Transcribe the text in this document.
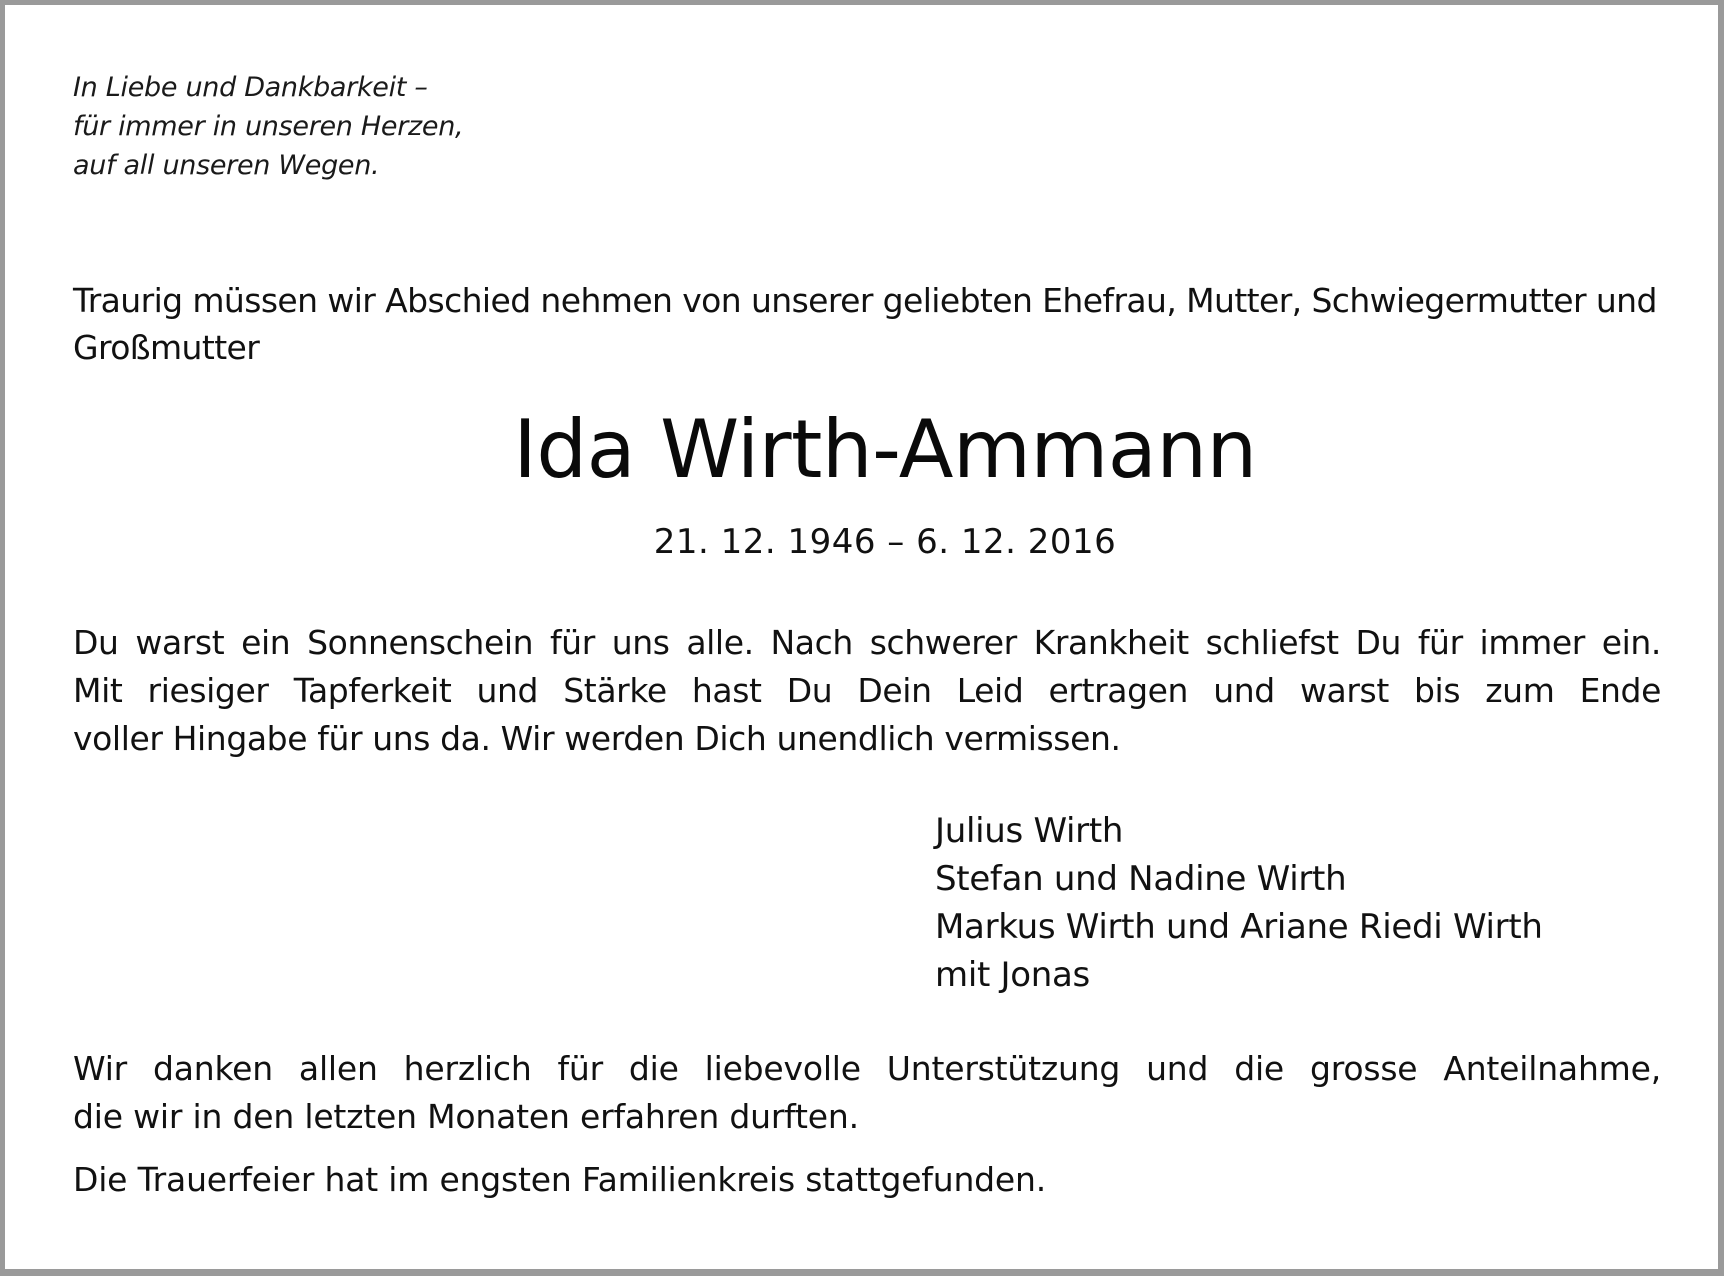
In Liebe und Dankbarkeit –
für immer in unseren Herzen,
auf all unseren Wegen.
Traurig müssen wir Abschied nehmen von unserer geliebten Ehefrau, Mutter, Schwiegermutter und Großmutter
Ida Wirth-Ammann
21. 12. 1946 – 6. 12. 2016
Du warst ein Sonnenschein für uns alle. Nach schwerer Krankheit schliefst Du für immer ein.
Mit riesiger Tapferkeit und Stärke hast Du Dein Leid ertragen und warst bis zum Ende
voller Hingabe für uns da. Wir werden Dich unendlich vermissen.
Julius Wirth
Stefan und Nadine Wirth
Markus Wirth und Ariane Riedi Wirth
mit Jonas
Wir danken allen herzlich für die liebevolle Unterstützung und die grosse Anteilnahme,
die wir in den letzten Monaten erfahren durften.
Die Trauerfeier hat im engsten Familienkreis stattgefunden.
